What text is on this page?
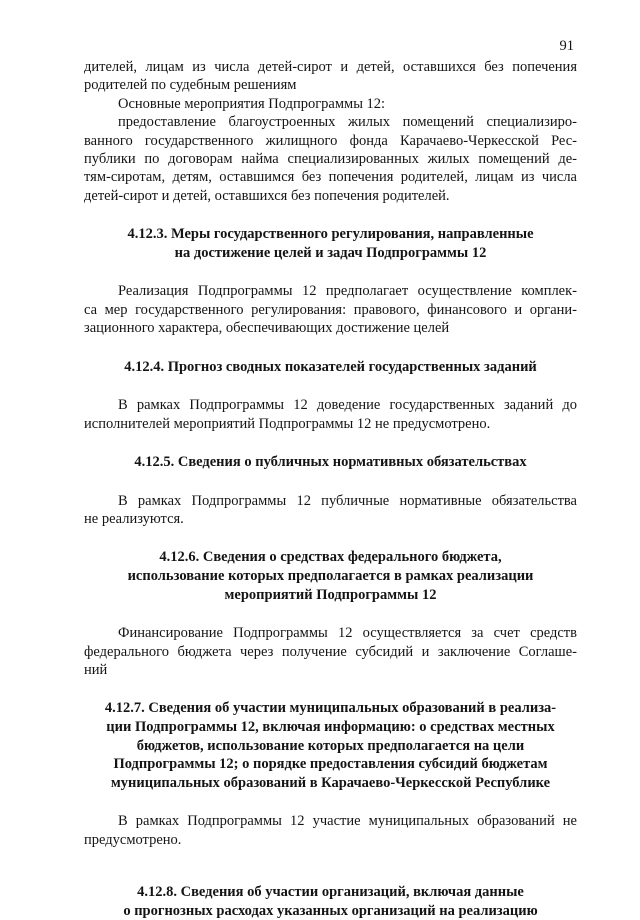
91

дителей, лицам из числа детей-сирот и детей, оставшихся без попечения
родителей по судебным решениям

Основные мероприятия Подпрограммы 12:

предоставление благоустроенных жилых помещений специализиро-
ванного государственного жилищного фонда Карачаево-Черкесской Рес-
публики по договорам найма специализированных жилых помещений де-
тям-сиротам, детям, оставшимся без попечения родителей, лицам из числа
детей-сирот и детей, оставшихся без попечения родителей.

4.12.3. Меры государственного регулирования, направленные
на достижение целей и задач Подпрограммы 12

Реализация Подпрограммы 12 предполагает осуществление комплек-
са мер государственного регулирования: правового, финансового и органи-
зационного характера, обеспечивающих достижение целей

4.12.4. Прогноз сводных показателей государственных заданий

В рамках Подпрограммы 12 доведение государственных заданий до
исполнителей мероприятий Подпрограммы 12 не предусмотрено.

4.12.5. Сведения о публичных нормативных обязательствах

В рамках Подпрограммы 12 публичные нормативные обязательства
не реализуются.

4.12.6. Сведения о средствах федерального бюджета,
использование которых предполагается в рамках реализации
мероприятий Подпрограммы 12

Финансирование Подпрограммы 12 осуществляется за счет средств
федерального бюджета через получение субсидий и заключение Соглаше-
ний

4.12.7. Сведения об участии муниципальных образований в реализа-
ции Подпрограммы 12, включая информацию: о средствах местных
бюджетов, использование которых предполагается на цели
Подпрограммы 12; о порядке предоставления субсидий бюджетам
муниципальных образований в Карачаево-Черкесской Республике

В рамках Подпрограммы 12 участие муниципальных образований не
предусмотрено.

4.12.8. Сведения об участии организаций, включая данные
о прогнозных расходах указанных организаций на реализацию
